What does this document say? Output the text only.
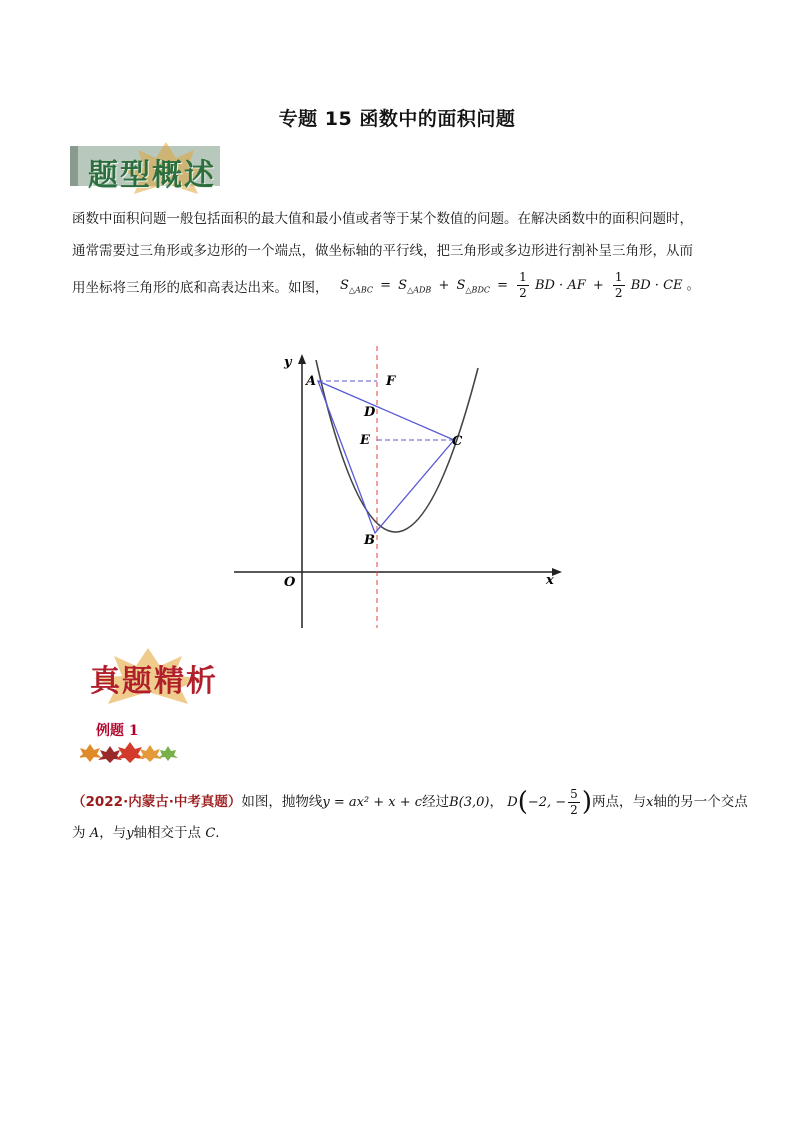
专题 15 函数中的面积问题
题型概述
函数中面积问题一般包括面积的最大值和最小值或者等于某个数值的问题。在解决函数中的面积问题时，
通常需要过三角形或多边形的一个端点，做坐标轴的平行线，把三角形或多边形进行割补呈三角形，从而
用坐标将三角形的底和高表达出来。如图， $S_{\triangle ABC} = S_{\triangle ADB} + S_{\triangle BDC} = \frac{1}{2}$ BD · AF + $\frac{1}{2}$ BD · CE 。
y
x
O
A	F
D
E	C
B
真题精析
例题 1
（2022·内蒙古·中考真题）如图，抛物线y = ax² + x + c经过B(3,0)， D(−2, − $\frac{5}{2}$ )两点，与x轴的另一个交点
为 A，与y轴相交于点 C.
